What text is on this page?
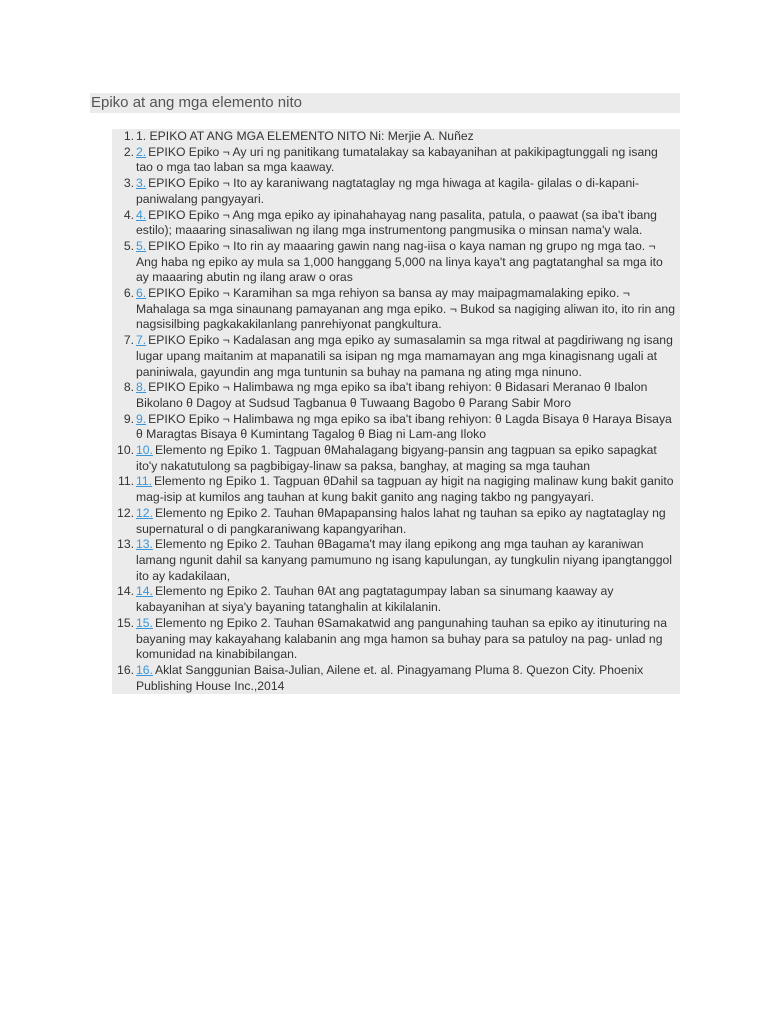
Epiko at ang mga elemento nito
1. 1. EPIKO AT ANG MGA ELEMENTO NITO Ni: Merjie A. Nuñez
2. 2. EPIKO Epiko ¬ Ay uri ng panitikang tumatalakay sa kabayanihan at pakikipagtunggali ng isang tao o mga tao laban sa mga kaaway.
3. 3. EPIKO Epiko ¬ Ito ay karaniwang nagtataglay ng mga hiwaga at kagila- gilalas o di-kapani-paniwalang pangyayari.
4. 4. EPIKO Epiko ¬ Ang mga epiko ay ipinahahayag nang pasalita, patula, o paawat (sa iba't ibang estilo); maaaring sinasaliwan ng ilang mga instrumentong pangmusika o minsan nama'y wala.
5. 5. EPIKO Epiko ¬ Ito rin ay maaaring gawin nang nag-iisa o kaya naman ng grupo ng mga tao. ¬ Ang haba ng epiko ay mula sa 1,000 hanggang 5,000 na linya kaya't ang pagtatanghal sa mga ito ay maaaring abutin ng ilang araw o oras
6. 6. EPIKO Epiko ¬ Karamihan sa mga rehiyon sa bansa ay may maipagmamalaking epiko. ¬ Mahalaga sa mga sinaunang pamayanan ang mga epiko. ¬ Bukod sa nagiging aliwan ito, ito rin ang nagsisilbing pagkakakilanlang panrehiyonat pangkultura.
7. 7. EPIKO Epiko ¬ Kadalasan ang mga epiko ay sumasalamin sa mga ritwal at pagdiriwang ng isang lugar upang maitanim at mapanatili sa isipan ng mga mamamayan ang mga kinagisnang ugali at paniniwala, gayundin ang mga tuntunin sa buhay na pamana ng ating mga ninuno.
8. 8. EPIKO Epiko ¬ Halimbawa ng mga epiko sa iba't ibang rehiyon: θ Bidasari Meranao θ Ibalon Bikolano θ Dagoy at Sudsud Tagbanua θ Tuwaang Bagobo θ Parang Sabir Moro
9. 9. EPIKO Epiko ¬ Halimbawa ng mga epiko sa iba't ibang rehiyon: θ Lagda Bisaya θ Haraya Bisaya θ Maragtas Bisaya θ Kumintang Tagalog θ Biag ni Lam-ang Iloko
10. 10. Elemento ng Epiko 1. Tagpuan θMahalagang bigyang-pansin ang tagpuan sa epiko sapagkat ito'y nakatutulong sa pagbibigay-linaw sa paksa, banghay, at maging sa mga tauhan
11. 11. Elemento ng Epiko 1. Tagpuan θDahil sa tagpuan ay higit na nagiging malinaw kung bakit ganito mag-isip at kumilos ang tauhan at kung bakit ganito ang naging takbo ng pangyayari.
12. 12. Elemento ng Epiko 2. Tauhan θMapapansing halos lahat ng tauhan sa epiko ay nagtataglay ng supernatural o di pangkaraniwang kapangyarihan.
13. 13. Elemento ng Epiko 2. Tauhan θBagama't may ilang epikong ang mga tauhan ay karaniwan lamang ngunit dahil sa kanyang pamumuno ng isang kapulungan, ay tungkulin niyang ipangtanggol ito ay kadakilaan,
14. 14. Elemento ng Epiko 2. Tauhan θAt ang pagtatagumpay laban sa sinumang kaaway ay kabayanihan at siya'y bayaning tatanghalin at kikilalanin.
15. 15. Elemento ng Epiko 2. Tauhan θSamakatwid ang pangunahing tauhan sa epiko ay itinuturing na bayaning may kakayahang kalabanin ang mga hamon sa buhay para sa patuloy na pag- unlad ng komunidad na kinabibilangan.
16. 16. Aklat Sanggunian Baisa-Julian, Ailene et. al. Pinagyamang Pluma 8. Quezon City. Phoenix Publishing House Inc.,2014
